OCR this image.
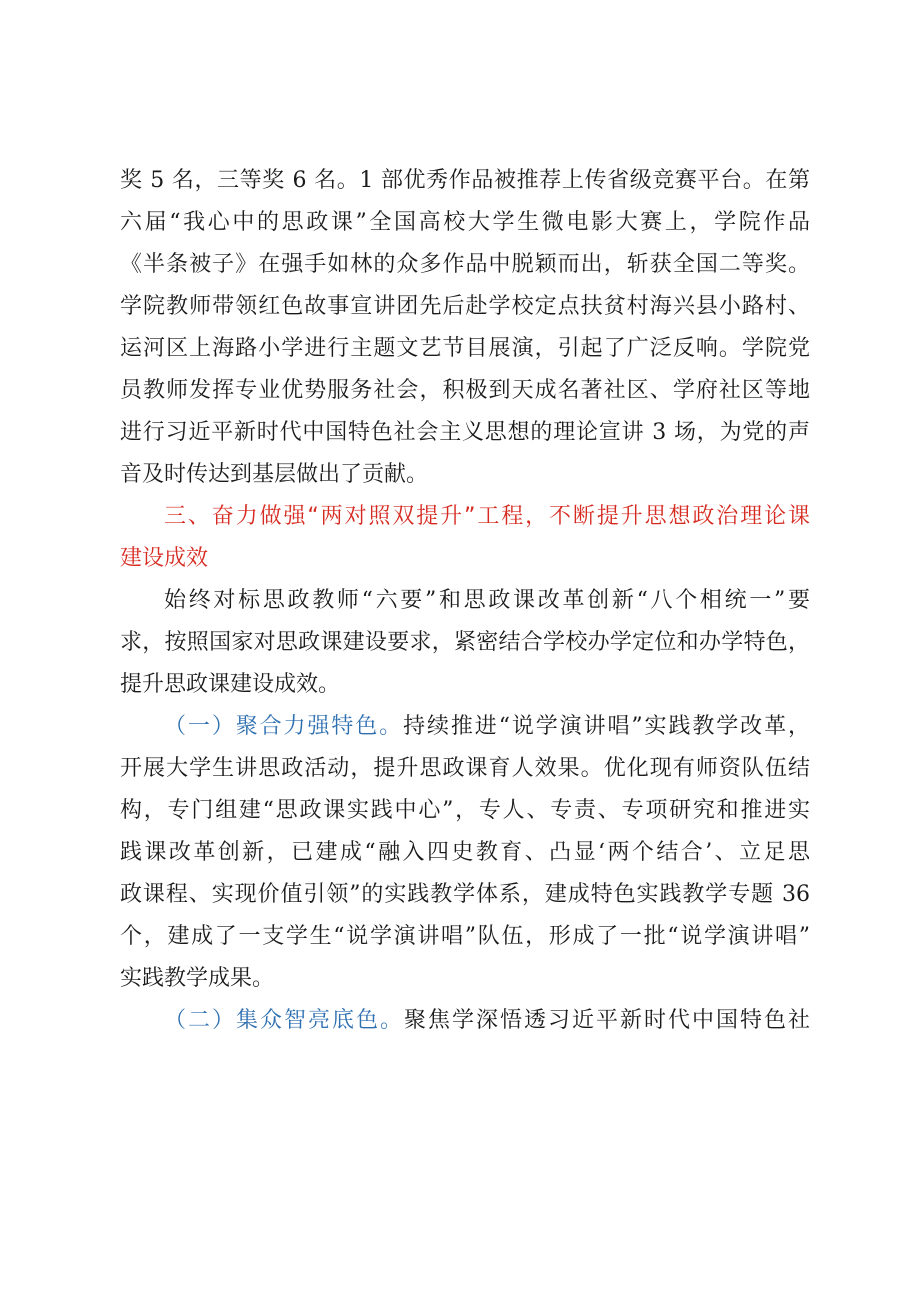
奖 5 名，三等奖 6 名。1 部优秀作品被推荐上传省级竞赛平台。在第
六届“我心中的思政课”全国高校大学生微电影大赛上，学院作品
《半条被子》在强手如林的众多作品中脱颖而出，斩获全国二等奖。
学院教师带领红色故事宣讲团先后赴学校定点扶贫村海兴县小路村、
运河区上海路小学进行主题文艺节目展演，引起了广泛反响。学院党
员教师发挥专业优势服务社会，积极到天成名著社区、学府社区等地
进行习近平新时代中国特色社会主义思想的理论宣讲 3 场，为党的声
音及时传达到基层做出了贡献。
三、奋力做强“两对照双提升”工程，不断提升思想政治理论课
建设成效
始终对标思政教师“六要”和思政课改革创新“八个相统一”要
求，按照国家对思政课建设要求，紧密结合学校办学定位和办学特色，
提升思政课建设成效。
（一）聚合力强特色。持续推进“说学演讲唱”实践教学改革，
开展大学生讲思政活动，提升思政课育人效果。优化现有师资队伍结
构，专门组建“思政课实践中心”，专人、专责、专项研究和推进实
践课改革创新，已建成“融入四史教育、凸显‘两个结合’、立足思
政课程、实现价值引领”的实践教学体系，建成特色实践教学专题 36
个，建成了一支学生“说学演讲唱”队伍，形成了一批“说学演讲唱”
实践教学成果。
（二）集众智亮底色。聚焦学深悟透习近平新时代中国特色社
